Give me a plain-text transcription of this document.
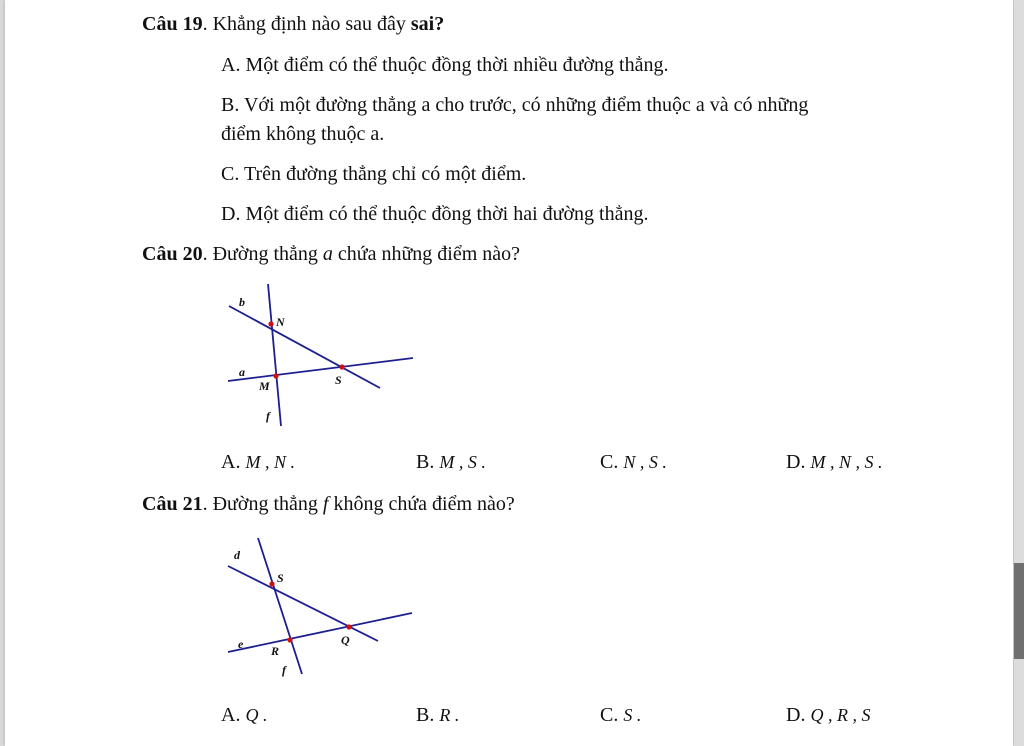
Câu 19. Khẳng định nào sau đây sai?
A. Một điểm có thể thuộc đồng thời nhiều đường thẳng.
B. Với một đường thẳng a cho trước, có những điểm thuộc a và có những
điểm không thuộc a.
C. Trên đường thẳng chỉ có một điểm.
D. Một điểm có thể thuộc đồng thời hai đường thẳng.
Câu 20. Đường thẳng a chứa những điểm nào?
b
N
a
M	S
f
A. M , N .	B. M , S .	C. N , S .	D. M , N , S .
Câu 21. Đường thẳng f không chứa điểm nào?
d
S
e R
Q
f
A. Q .	B. R .	C. S .	D. Q , R , S
